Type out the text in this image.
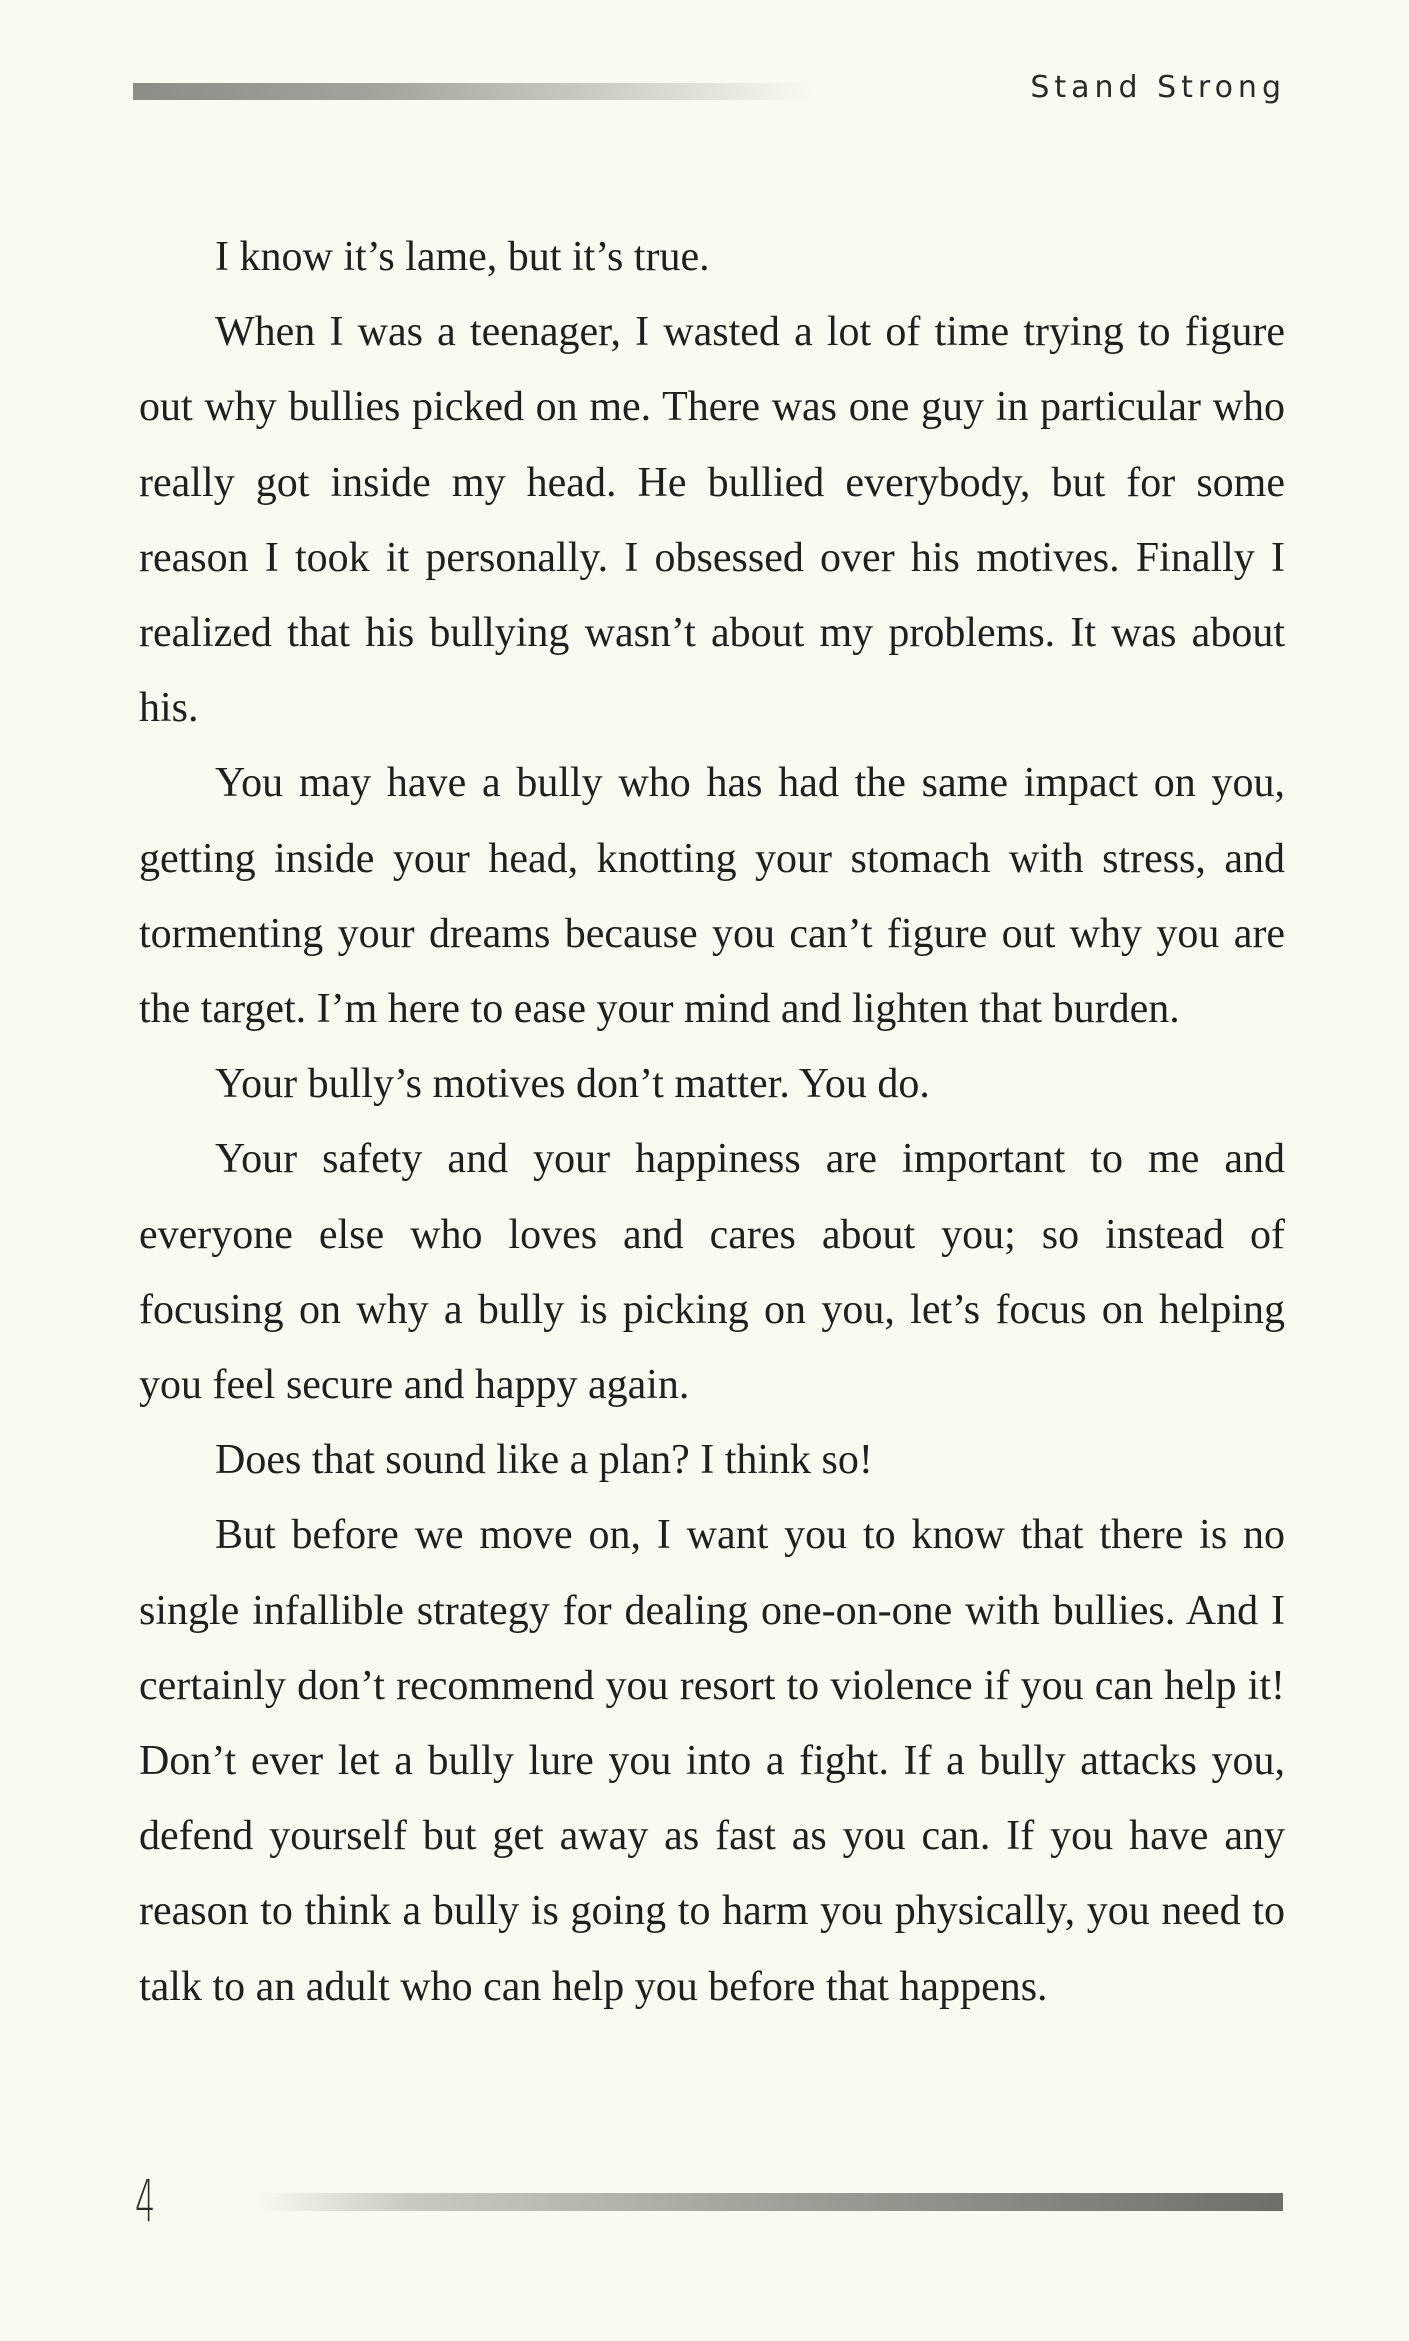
Stand Strong

I know it’s lame, but it’s true.

When I was a teenager, I wasted a lot of time trying to figure out why bullies picked on me. There was one guy in particular who really got inside my head. He bullied everybody, but for some reason I took it personally. I obsessed over his motives. Finally I realized that his bullying wasn’t about my problems. It was about his.

You may have a bully who has had the same impact on you, getting inside your head, knotting your stomach with stress, and tormenting your dreams because you can’t figure out why you are the target. I’m here to ease your mind and lighten that burden.

Your bully’s motives don’t matter. You do.

Your safety and your happiness are important to me and everyone else who loves and cares about you; so instead of focusing on why a bully is picking on you, let’s focus on helping you feel secure and happy again.

Does that sound like a plan? I think so!

But before we move on, I want you to know that there is no single infallible strategy for dealing one-on-one with bullies. And I certainly don’t recommend you resort to violence if you can help it! Don’t ever let a bully lure you into a fight. If a bully attacks you, defend yourself but get away as fast as you can. If you have any reason to think a bully is going to harm you physically, you need to talk to an adult who can help you before that happens.

4
